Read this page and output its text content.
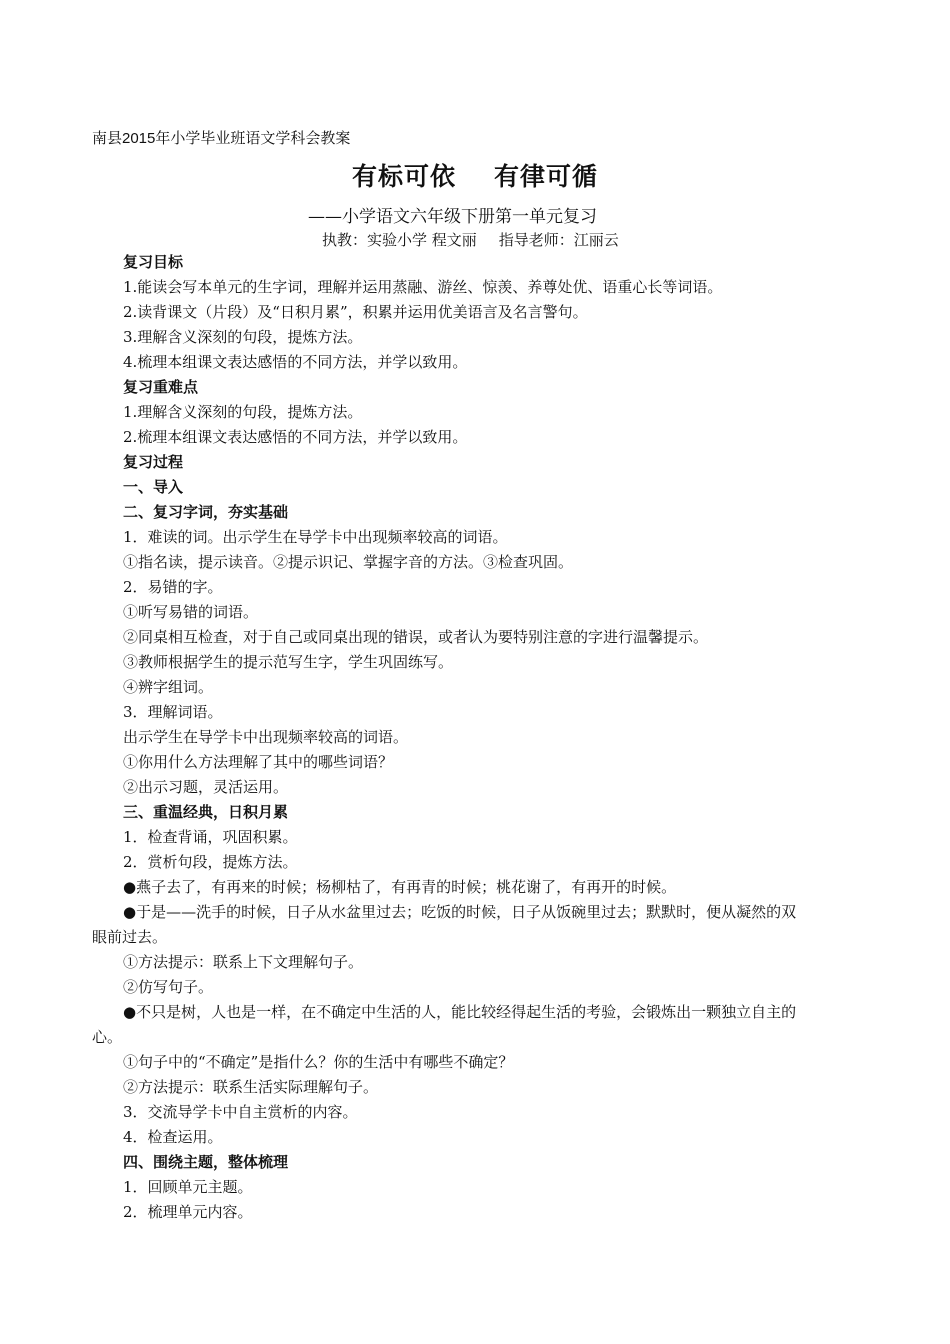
南县2015年小学毕业班语文学科会教案
有标可依 有律可循
——小学语文六年级下册第一单元复习
执教：实验小学 程文丽 指导老师：江丽云
复习目标
1.能读会写本单元的生字词，理解并运用蒸融、游丝、惊羡、养尊处优、语重心长等词语。
2.读背课文（片段）及“日积月累”，积累并运用优美语言及名言警句。
3.理解含义深刻的句段，提炼方法。
4.梳理本组课文表达感悟的不同方法，并学以致用。
复习重难点
1.理解含义深刻的句段，提炼方法。
2.梳理本组课文表达感悟的不同方法，并学以致用。
复习过程
一、导入
二、复习字词，夯实基础
1．难读的词。出示学生在导学卡中出现频率较高的词语。
①指名读，提示读音。②提示识记、掌握字音的方法。③检查巩固。
2．易错的字。
①听写易错的词语。
②同桌相互检查，对于自己或同桌出现的错误，或者认为要特别注意的字进行温馨提示。
③教师根据学生的提示范写生字，学生巩固练写。
④辨字组词。
3．理解词语。
出示学生在导学卡中出现频率较高的词语。
①你用什么方法理解了其中的哪些词语？
②出示习题，灵活运用。
三、重温经典，日积月累
1．检查背诵，巩固积累。
2．赏析句段，提炼方法。
●燕子去了，有再来的时候；杨柳枯了，有再青的时候；桃花谢了，有再开的时候。
●于是——洗手的时候，日子从水盆里过去；吃饭的时候，日子从饭碗里过去；默默时，便从凝然的双
眼前过去。
①方法提示：联系上下文理解句子。
②仿写句子。
●不只是树，人也是一样，在不确定中生活的人，能比较经得起生活的考验，会锻炼出一颗独立自主的
心。
①句子中的“不确定”是指什么？你的生活中有哪些不确定？
②方法提示：联系生活实际理解句子。
3．交流导学卡中自主赏析的内容。
4．检查运用。
四、围绕主题，整体梳理
1．回顾单元主题。
2．梳理单元内容。
